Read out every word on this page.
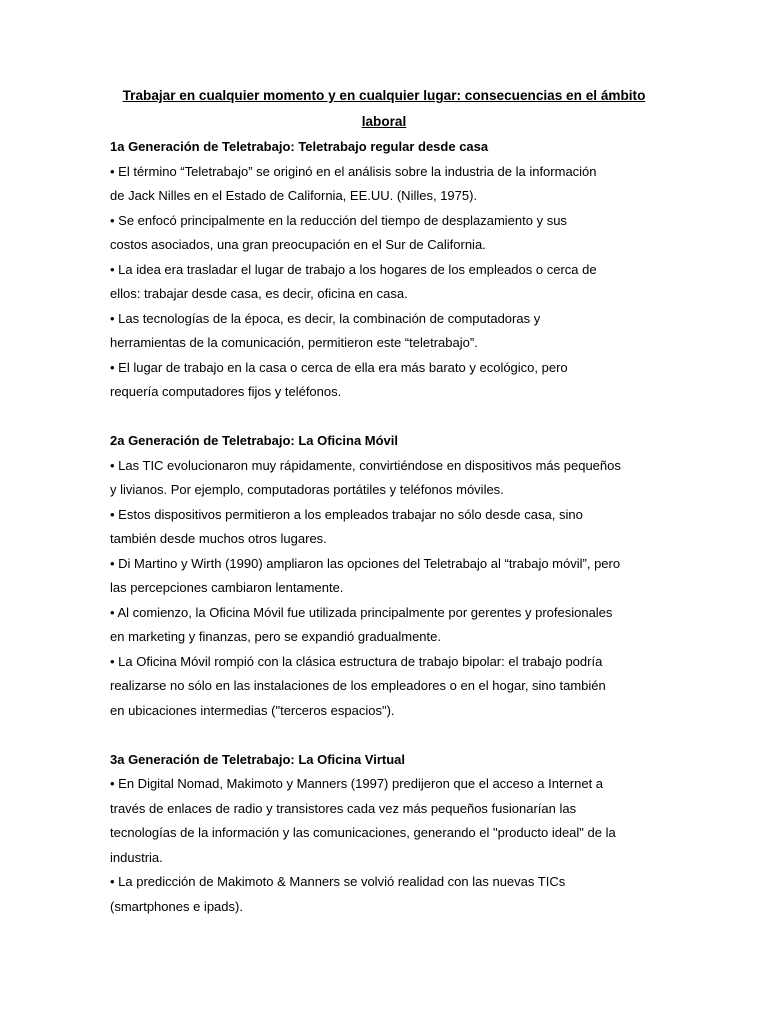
Trabajar en cualquier momento y en cualquier lugar: consecuencias en el ámbito
laboral
1a Generación de Teletrabajo: Teletrabajo regular desde casa
• El término “Teletrabajo” se originó en el análisis sobre la industria de la información
de Jack Nilles en el Estado de California, EE.UU. (Nilles, 1975).
• Se enfocó principalmente en la reducción del tiempo de desplazamiento y sus
costos asociados, una gran preocupación en el Sur de California.
• La idea era trasladar el lugar de trabajo a los hogares de los empleados o cerca de
ellos: trabajar desde casa, es decir, oficina en casa.
• Las tecnologías de la época, es decir, la combinación de computadoras y
herramientas de la comunicación, permitieron este “teletrabajo”.
• El lugar de trabajo en la casa o cerca de ella era más barato y ecológico, pero
requería computadores fijos y teléfonos.
2a Generación de Teletrabajo: La Oficina Móvil
• Las TIC evolucionaron muy rápidamente, convirtiéndose en dispositivos más pequeños
y livianos. Por ejemplo, computadoras portátiles y teléfonos móviles.
• Estos dispositivos permitieron a los empleados trabajar no sólo desde casa, sino
también desde muchos otros lugares.
• Di Martino y Wirth (1990) ampliaron las opciones del Teletrabajo al “trabajo móvil”, pero
las percepciones cambiaron lentamente.
• Al comienzo, la Oficina Móvil fue utilizada principalmente por gerentes y profesionales
en marketing y finanzas, pero se expandió gradualmente.
• La Oficina Móvil rompió con la clásica estructura de trabajo bipolar: el trabajo podría
realizarse no sólo en las instalaciones de los empleadores o en el hogar, sino también
en ubicaciones intermedias ("terceros espacios").
3a Generación de Teletrabajo: La Oficina Virtual
• En Digital Nomad, Makimoto y Manners (1997) predijeron que el acceso a Internet a
través de enlaces de radio y transistores cada vez más pequeños fusionarían las
tecnologías de la información y las comunicaciones, generando el "producto ideal" de la
industria.
• La predicción de Makimoto & Manners se volvió realidad con las nuevas TICs
(smartphones e ipads).
